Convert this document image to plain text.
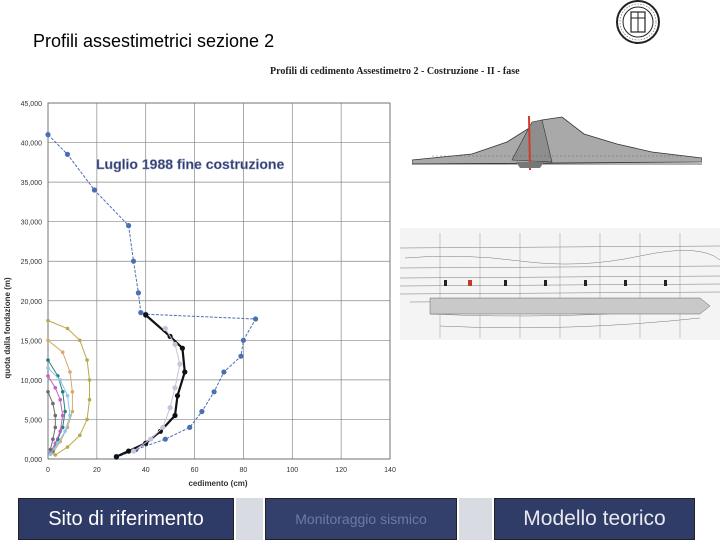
Profili assestimetrici sezione 2
Profili di cedimento Assestimetro 2 - Costruzione - II - fase
0	20	40	60	80	100	120	140
0,000
5,000
10,000
15,000
20,000
25,000
30,000
35,000
40,000
45,000
Luglio 1988 fine costruzione
cedimento (cm)
quota dalla fondazione (m)
Sito di riferimento	Monitoraggio sismico	Modello teorico
